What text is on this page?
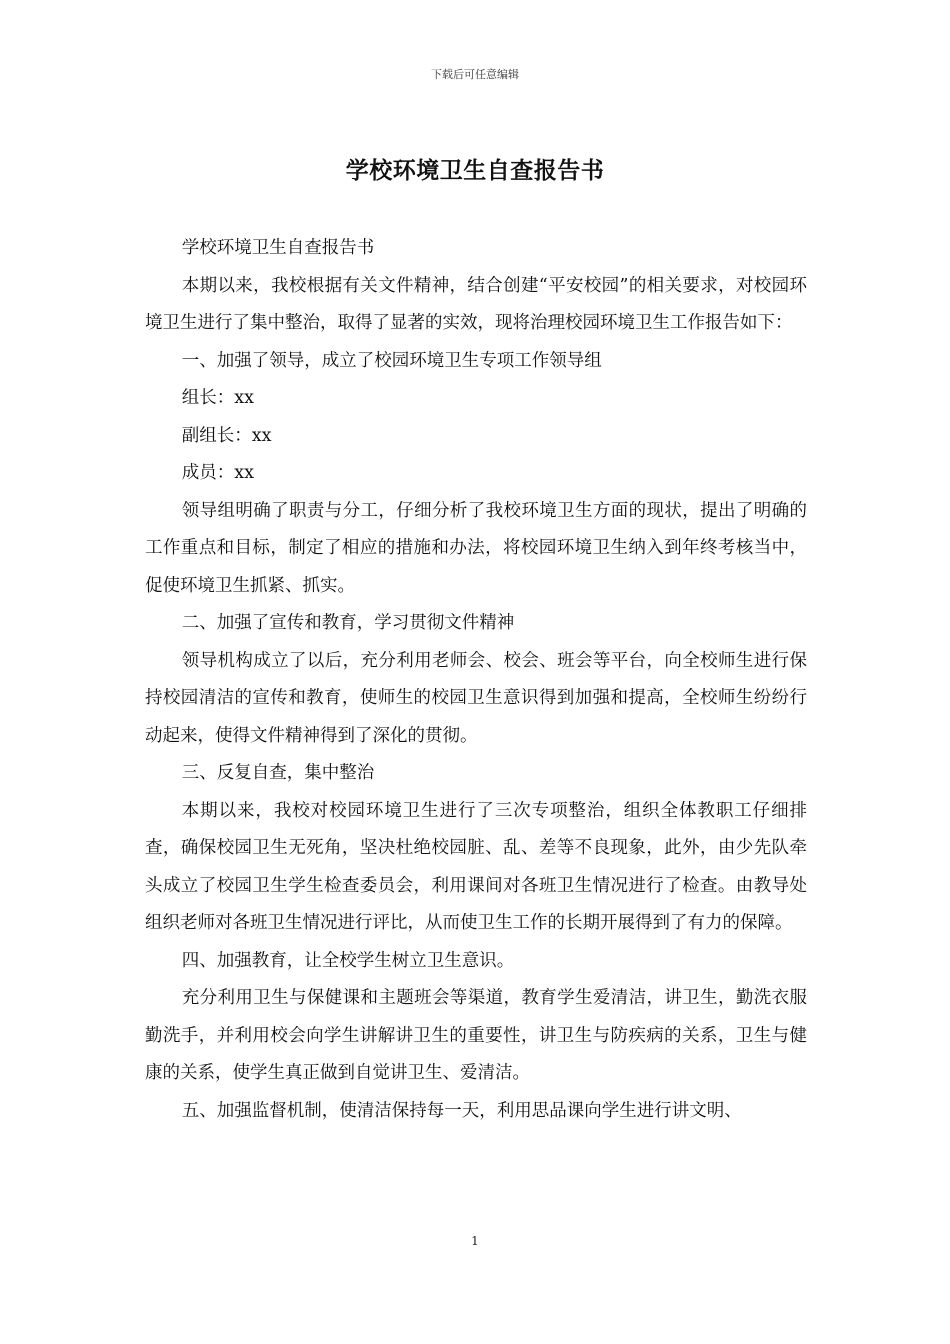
下载后可任意编辑
学校环境卫生自查报告书

学校环境卫生自查报告书

本期以来，我校根据有关文件精神，结合创建“平安校园”的相关要求，对校园环境卫生进行了集中整治，取得了显著的实效，现将治理校园环境卫生工作报告如下：

一、加强了领导，成立了校园环境卫生专项工作领导组

组长：xx

副组长：xx

成员：xx

领导组明确了职责与分工，仔细分析了我校环境卫生方面的现状，提出了明确的工作重点和目标，制定了相应的措施和办法，将校园环境卫生纳入到年终考核当中，促使环境卫生抓紧、抓实。

二、加强了宣传和教育，学习贯彻文件精神

领导机构成立了以后，充分利用老师会、校会、班会等平台，向全校师生进行保持校园清洁的宣传和教育，使师生的校园卫生意识得到加强和提高，全校师生纷纷行动起来，使得文件精神得到了深化的贯彻。

三、反复自查，集中整治

本期以来，我校对校园环境卫生进行了三次专项整治，组织全体教职工仔细排查，确保校园卫生无死角，坚决杜绝校园脏、乱、差等不良现象，此外，由少先队牵头成立了校园卫生学生检查委员会，利用课间对各班卫生情况进行了检查。由教导处组织老师对各班卫生情况进行评比，从而使卫生工作的长期开展得到了有力的保障。

四、加强教育，让全校学生树立卫生意识。

充分利用卫生与保健课和主题班会等渠道，教育学生爱清洁，讲卫生，勤洗衣服勤洗手，并利用校会向学生讲解讲卫生的重要性，讲卫生与防疾病的关系，卫生与健康的关系，使学生真正做到自觉讲卫生、爱清洁。

五、加强监督机制，使清洁保持每一天，利用思品课向学生进行讲文明、

1
